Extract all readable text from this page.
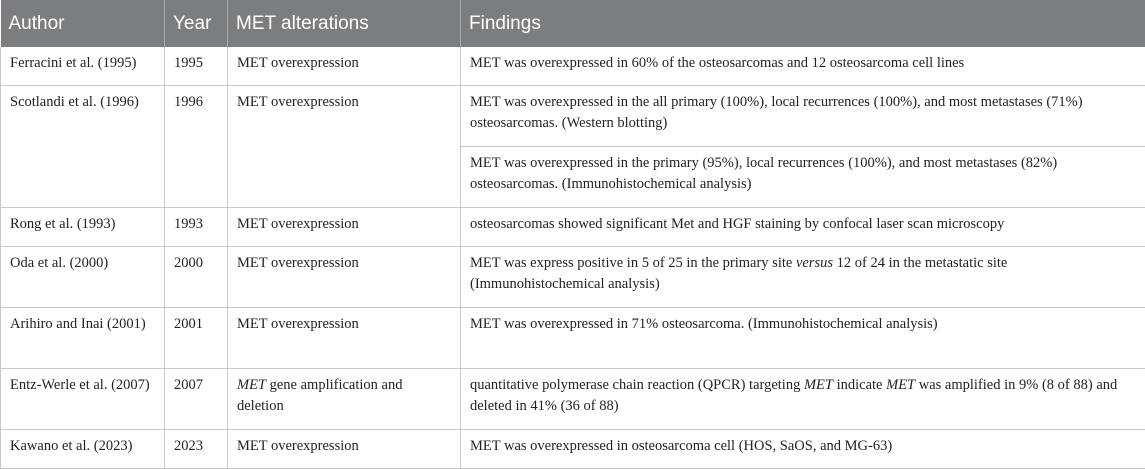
Author	Year	MET alterations	Findings
Ferracini et al. (1995)	1995	MET overexpression	MET was overexpressed in 60% of the osteosarcomas and 12 osteosarcoma cell lines
Scotlandi et al. (1996)	1996	MET overexpression	MET was overexpressed in the all primary (100%), local recurrences (100%), and most metastases (71%) osteosarcomas. (Western blotting)
			MET was overexpressed in the primary (95%), local recurrences (100%), and most metastases (82%) osteosarcomas. (Immunohistochemical analysis)
Rong et al. (1993)	1993	MET overexpression	osteosarcomas showed significant Met and HGF staining by confocal laser scan microscopy
Oda et al. (2000)	2000	MET overexpression	MET was express positive in 5 of 25 in the primary site versus 12 of 24 in the metastatic site (Immunohistochemical analysis)
Arihiro and Inai (2001)	2001	MET overexpression	MET was overexpressed in 71% osteosarcoma. (Immunohistochemical analysis)
Entz-Werle et al. (2007)	2007	MET gene amplification and deletion	quantitative polymerase chain reaction (QPCR) targeting MET indicate MET was amplified in 9% (8 of 88) and deleted in 41% (36 of 88)
Kawano et al. (2023)	2023	MET overexpression	MET was overexpressed in osteosarcoma cell (HOS, SaOS, and MG-63)
